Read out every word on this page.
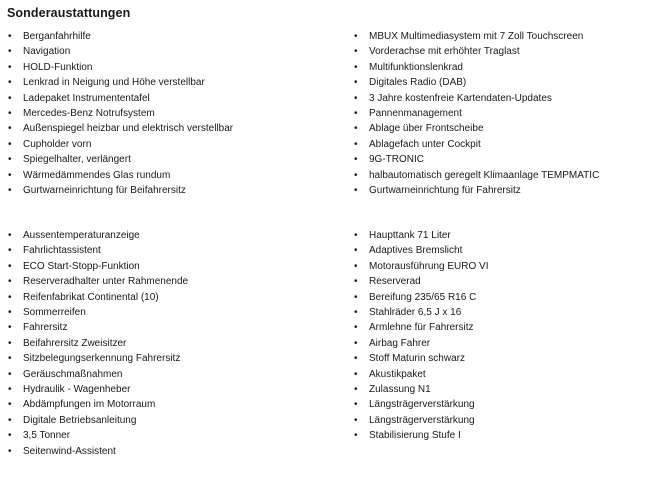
Sonderaustattungen
• Berganfahrhilfe
• Navigation
• HOLD-Funktion
• Lenkrad in Neigung und Höhe verstellbar
• Ladepaket Instrumententafel
• Mercedes-Benz Notrufsystem
• Außenspiegel heizbar und elektrisch verstellbar
• Cupholder vorn
• Spiegelhalter, verlängert
• Wärmedämmendes Glas rundum
• Gurtwarneinrichtung für Beifahrersitz
• MBUX Multimediasystem mit 7 Zoll Touchscreen
• Vorderachse mit erhöhter Traglast
• Multifunktionslenkrad
• Digitales Radio (DAB)
• 3 Jahre kostenfreie Kartendaten-Updates
• Pannenmanagement
• Ablage über Frontscheibe
• Ablagefach unter Cockpit
• 9G-TRONIC
• halbautomatisch geregelt Klimaanlage TEMPMATIC
• Gurtwarneinrichtung für Fahrersitz
• Aussentemperaturanzeige
• Fahrlichtassistent
• ECO Start-Stopp-Funktion
• Reserveradhalter unter Rahmenende
• Reifenfabrikat Continental (10)
• Sommerreifen
• Fahrersitz
• Beifahrersitz Zweisitzer
• Sitzbelegungserkennung Fahrersitz
• Geräuschmaßnahmen
• Hydraulik - Wagenheber
• Abdämpfungen im Motorraum
• Digitale Betriebsanleitung
• 3,5 Tonner
• Seitenwind-Assistent
• Haupttank 71 Liter
• Adaptives Bremslicht
• Motorausführung EURO VI
• Reserverad
• Bereifung 235/65 R16 C
• Stahlräder 6,5 J x 16
• Armlehne für Fahrersitz
• Airbag Fahrer
• Stoff Maturin schwarz
• Akustikpaket
• Zulassung N1
• Längsträgerverstärkung
• Längsträgerverstärkung
• Stabilisierung Stufe I
